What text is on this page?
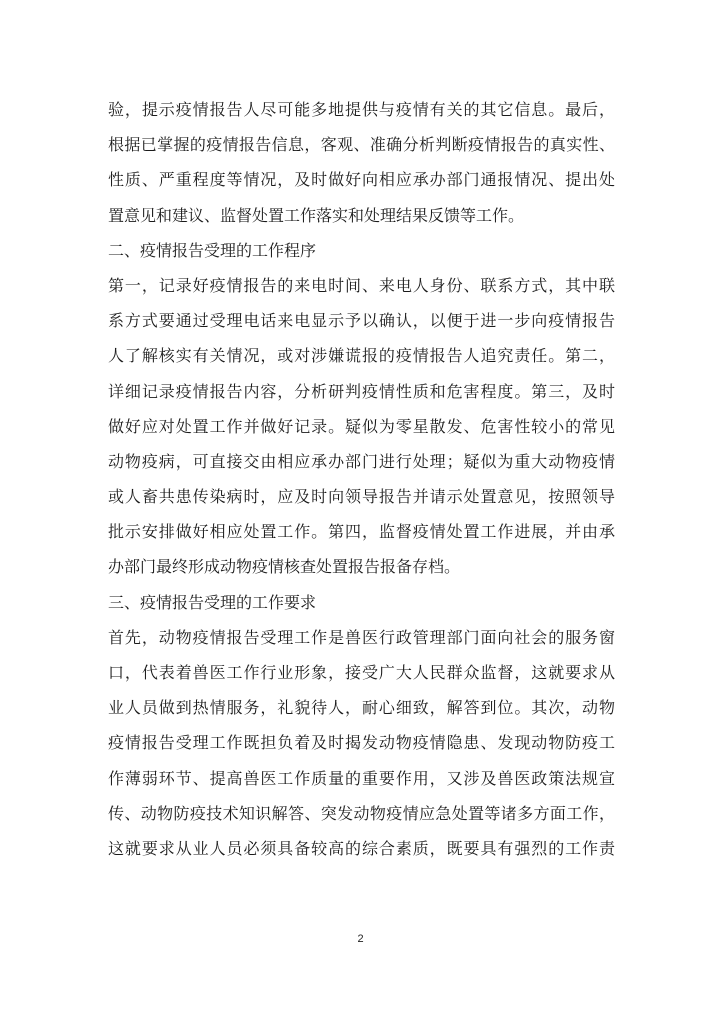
验，提示疫情报告人尽可能多地提供与疫情有关的其它信息。最后，
根据已掌握的疫情报告信息，客观、准确分析判断疫情报告的真实性、
性质、严重程度等情况，及时做好向相应承办部门通报情况、提出处
置意见和建议、监督处置工作落实和处理结果反馈等工作。
二、疫情报告受理的工作程序
第一，记录好疫情报告的来电时间、来电人身份、联系方式，其中联
系方式要通过受理电话来电显示予以确认，以便于进一步向疫情报告
人了解核实有关情况，或对涉嫌谎报的疫情报告人追究责任。第二，
详细记录疫情报告内容，分析研判疫情性质和危害程度。第三，及时
做好应对处置工作并做好记录。疑似为零星散发、危害性较小的常见
动物疫病，可直接交由相应承办部门进行处理；疑似为重大动物疫情
或人畜共患传染病时，应及时向领导报告并请示处置意见，按照领导
批示安排做好相应处置工作。第四，监督疫情处置工作进展，并由承
办部门最终形成动物疫情核查处置报告报备存档。
三、疫情报告受理的工作要求
首先，动物疫情报告受理工作是兽医行政管理部门面向社会的服务窗
口，代表着兽医工作行业形象，接受广大人民群众监督，这就要求从
业人员做到热情服务，礼貌待人，耐心细致，解答到位。其次，动物
疫情报告受理工作既担负着及时揭发动物疫情隐患、发现动物防疫工
作薄弱环节、提高兽医工作质量的重要作用，又涉及兽医政策法规宣
传、动物防疫技术知识解答、突发动物疫情应急处置等诸多方面工作，
这就要求从业人员必须具备较高的综合素质，既要具有强烈的工作责
2
